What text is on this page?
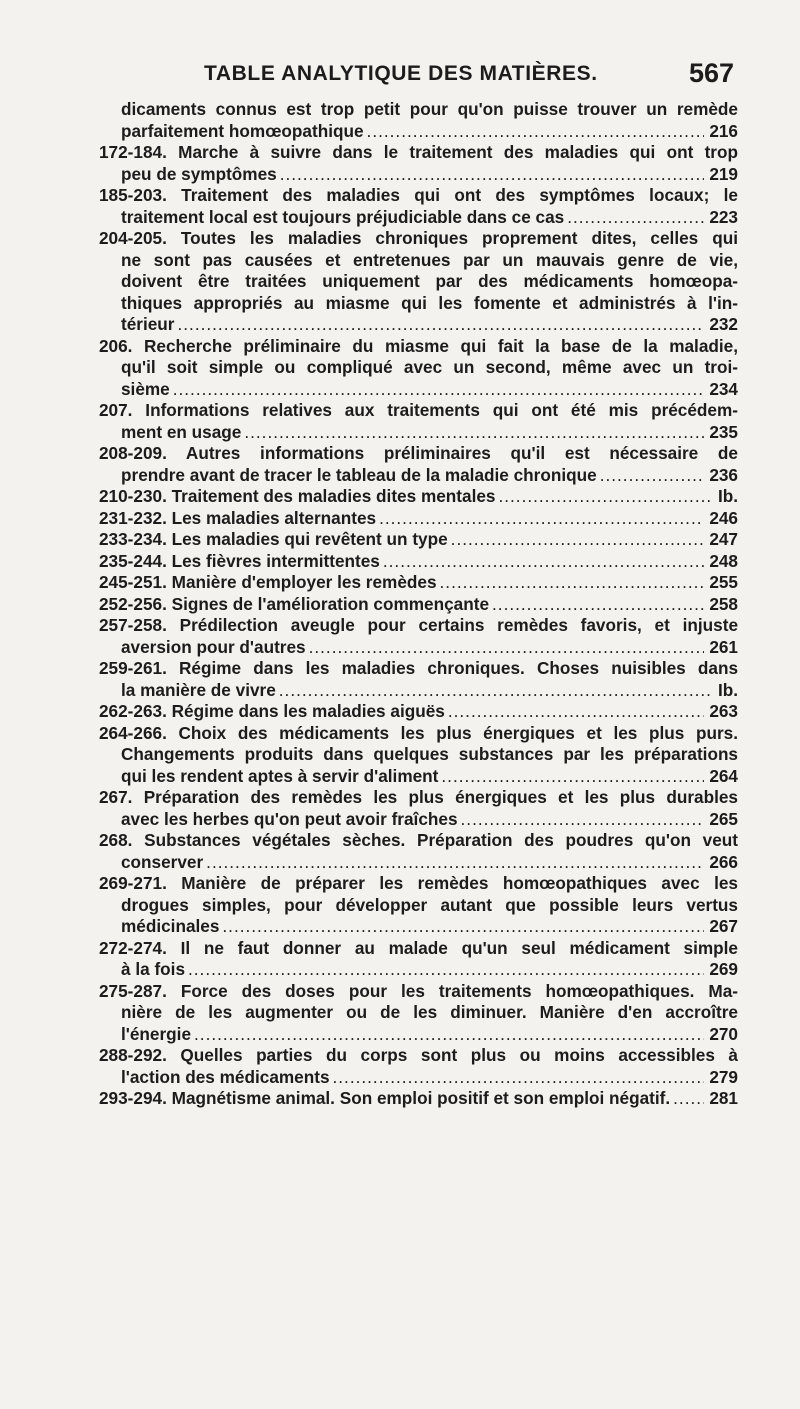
TABLE ANALYTIQUE DES MATIÈRES.	567
dicaments connus est trop petit pour qu'on puisse trouver un remède
parfaitement homœopathique .....	216
172-184. Marche à suivre dans le traitement des maladies qui ont trop
peu de symptômes .....	219
185-203. Traitement des maladies qui ont des symptômes locaux; le
traitement local est toujours préjudiciable dans ce cas .....	223
204-205. Toutes les maladies chroniques proprement dites, celles qui
ne sont pas causées et entretenues par un mauvais genre de vie,
doivent être traitées uniquement par des médicaments homœopa-
thiques appropriés au miasme qui les fomente et administrés à l'in-
térieur .....	232
206. Recherche préliminaire du miasme qui fait la base de la maladie,
qu'il soit simple ou compliqué avec un second, même avec un troi-
sième .....	234
207. Informations relatives aux traitements qui ont été mis précédem-
ment en usage .....	235
208-209. Autres informations préliminaires qu'il est nécessaire de
prendre avant de tracer le tableau de la maladie chronique .....	236
210-230. Traitement des maladies dites mentales .....	Ib.
231-232. Les maladies alternantes .....	246
233-234. Les maladies qui revêtent un type .....	247
235-244. Les fièvres intermittentes .....	248
245-251. Manière d'employer les remèdes .....	255
252-256. Signes de l'amélioration commençante .....	258
257-258. Prédilection aveugle pour certains remèdes favoris, et injuste
aversion pour d'autres .....	261
259-261. Régime dans les maladies chroniques. Choses nuisibles dans
la manière de vivre .....	Ib.
262-263. Régime dans les maladies aiguës .....	263
264-266. Choix des médicaments les plus énergiques et les plus purs.
Changements produits dans quelques substances par les préparations
qui les rendent aptes à servir d'aliment .....	264
267. Préparation des remèdes les plus énergiques et les plus durables
avec les herbes qu'on peut avoir fraîches .....	265
268. Substances végétales sèches. Préparation des poudres qu'on veut
conserver .....	266
269-271. Manière de préparer les remèdes homœopathiques avec les
drogues simples, pour développer autant que possible leurs vertus
médicinales .....	267
272-274. Il ne faut donner au malade qu'un seul médicament simple
à la fois .....	269
275-287. Force des doses pour les traitements homœopathiques. Ma-
nière de les augmenter ou de les diminuer. Manière d'en accroître
l'énergie .....	270
288-292. Quelles parties du corps sont plus ou moins accessibles à
l'action des médicaments .....	279
293-294. Magnétisme animal. Son emploi positif et son emploi négatif. ..... 281
